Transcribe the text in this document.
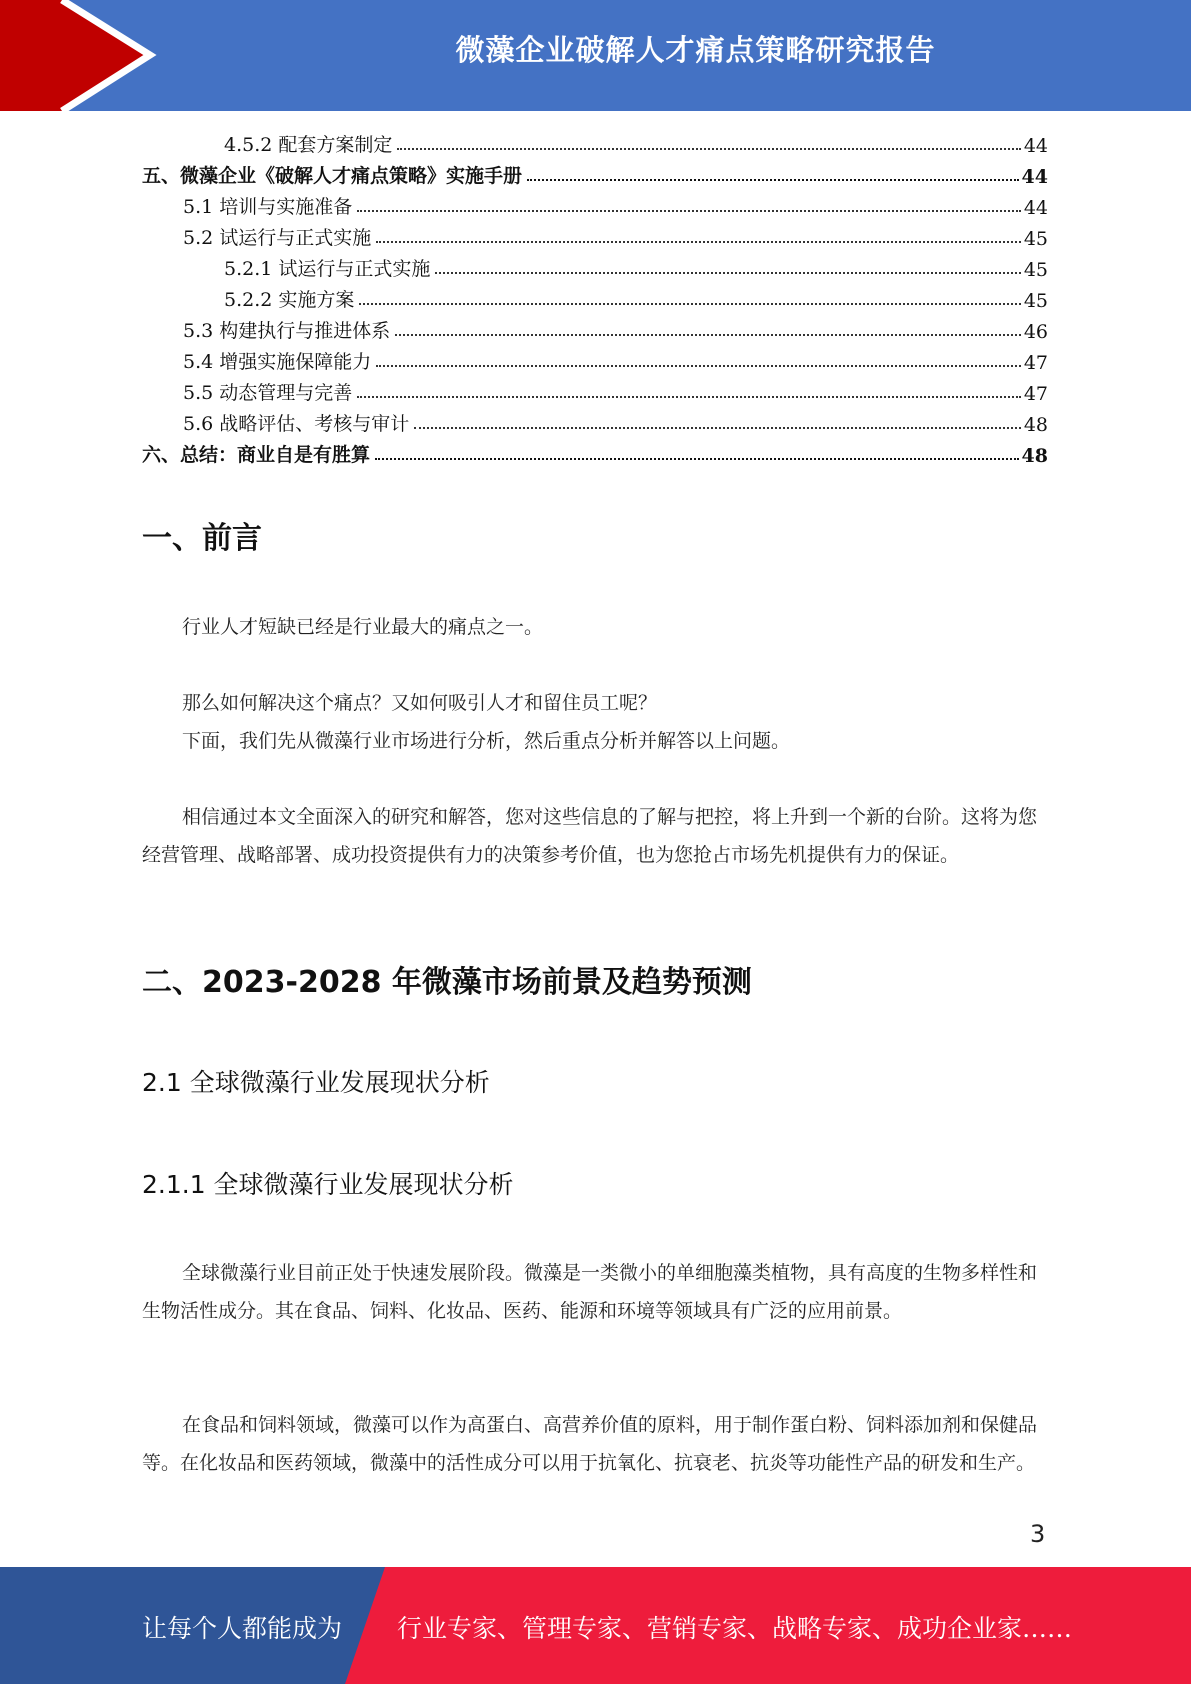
微藻企业破解人才痛点策略研究报告
4.5.2 配套方案制定	44
五、微藻企业《破解人才痛点策略》实施手册	44
5.1 培训与实施准备	44
5.2 试运行与正式实施	45
5.2.1 试运行与正式实施	45
5.2.2 实施方案	45
5.3 构建执行与推进体系	46
5.4 增强实施保障能力	47
5.5 动态管理与完善	47
5.6 战略评估、考核与审计	48
六、总结：商业自是有胜算	48
一、前言
行业人才短缺已经是行业最大的痛点之一。
那么如何解决这个痛点？又如何吸引人才和留住员工呢？
下面，我们先从微藻行业市场进行分析，然后重点分析并解答以上问题。
相信通过本文全面深入的研究和解答，您对这些信息的了解与把控，将上升到一个新的台阶。这将为您经营管理、战略部署、成功投资提供有力的决策参考价值，也为您抢占市场先机提供有力的保证。
二、2023-2028 年微藻市场前景及趋势预测
2.1 全球微藻行业发展现状分析
2.1.1 全球微藻行业发展现状分析
全球微藻行业目前正处于快速发展阶段。微藻是一类微小的单细胞藻类植物，具有高度的生物多样性和生物活性成分。其在食品、饲料、化妆品、医药、能源和环境等领域具有广泛的应用前景。
在食品和饲料领域，微藻可以作为高蛋白、高营养价值的原料，用于制作蛋白粉、饲料添加剂和保健品等。在化妆品和医药领域，微藻中的活性成分可以用于抗氧化、抗衰老、抗炎等功能性产品的研发和生产。
3
让每个人都能成为 行业专家、管理专家、营销专家、战略专家、成功企业家……
